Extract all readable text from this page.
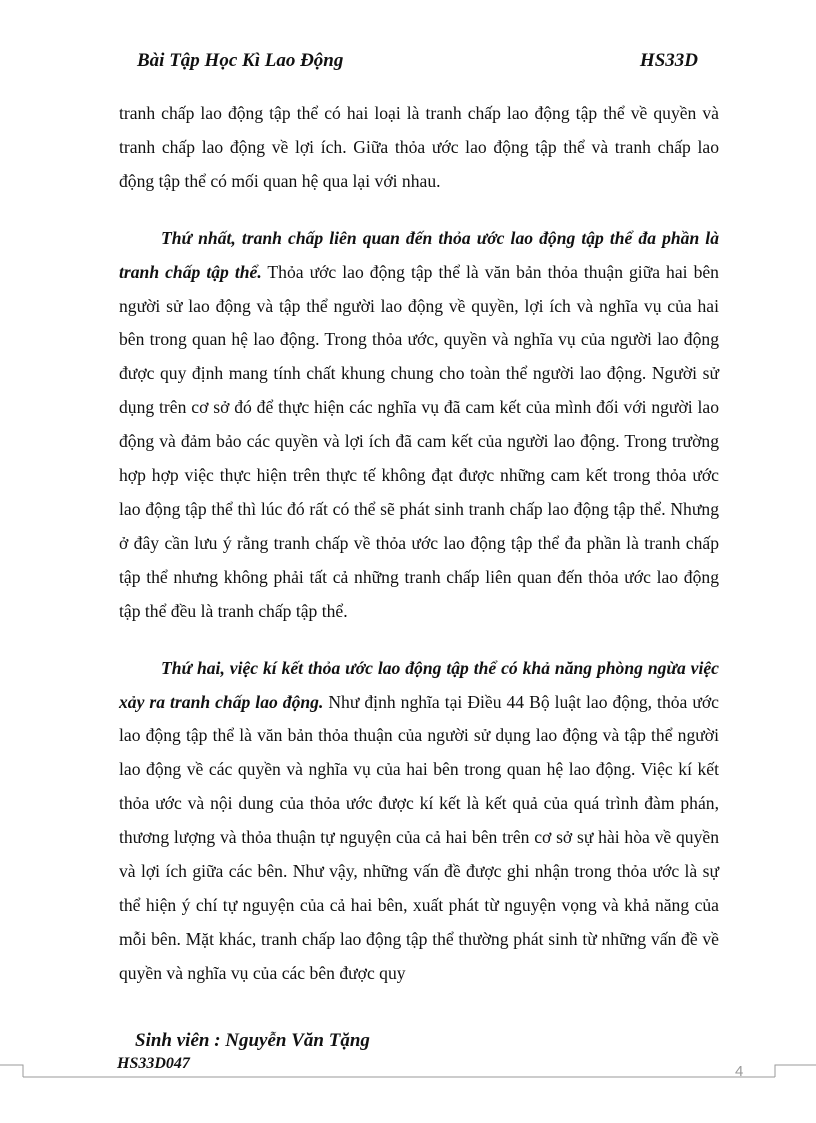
Bài Tập Học Kì Lao Động	HS33D

tranh chấp lao động tập thể có hai loại là tranh chấp lao động tập thể về quyền và tranh chấp lao động về lợi ích. Giữa thỏa ước lao động tập thể và tranh chấp lao động tập thể có mối quan hệ qua lại với nhau.

Thứ nhất, tranh chấp liên quan đến thỏa ước lao động tập thể đa phần là tranh chấp tập thể. Thỏa ước lao động tập thể là văn bản thỏa thuận giữa hai bên người sử lao động và tập thể người lao động về quyền, lợi ích và nghĩa vụ của hai bên trong quan hệ lao động. Trong thỏa ước, quyền và nghĩa vụ của người lao động được quy định mang tính chất khung chung cho toàn thể người lao động. Người sử dụng trên cơ sở đó để thực hiện các nghĩa vụ đã cam kết của mình đối với người lao động và đảm bảo các quyền và lợi ích đã cam kết của người lao động. Trong trường hợp hợp việc thực hiện trên thực tế không đạt được những cam kết trong thỏa ước lao động tập thể thì lúc đó rất có thể sẽ phát sinh tranh chấp lao động tập thể. Nhưng ở đây cần lưu ý rằng tranh chấp về thỏa ước lao động tập thể đa phần là tranh chấp tập thể nhưng không phải tất cả những tranh chấp liên quan đến thỏa ước lao động tập thể đều là tranh chấp tập thể.

Thứ hai, việc kí kết thỏa ước lao động tập thể có khả năng phòng ngừa việc xảy ra tranh chấp lao động. Như định nghĩa tại Điều 44 Bộ luật lao động, thỏa ước lao động tập thể là văn bản thỏa thuận của người sử dụng lao động và tập thể người lao động về các quyền và nghĩa vụ của hai bên trong quan hệ lao động. Việc kí kết thỏa ước và nội dung của thỏa ước được kí kết là kết quả của quá trình đàm phán, thương lượng và thỏa thuận tự nguyện của cả hai bên trên cơ sở sự hài hòa về quyền và lợi ích giữa các bên. Như vậy, những vấn đề được ghi nhận trong thỏa ước là sự thể hiện ý chí tự nguyện của cả hai bên, xuất phát từ nguyện vọng và khả năng của mỗi bên. Mặt khác, tranh chấp lao động tập thể thường phát sinh từ những vấn đề về quyền và nghĩa vụ của các bên được quy

Sinh viên : Nguyễn Văn Tặng
HS33D047	4
